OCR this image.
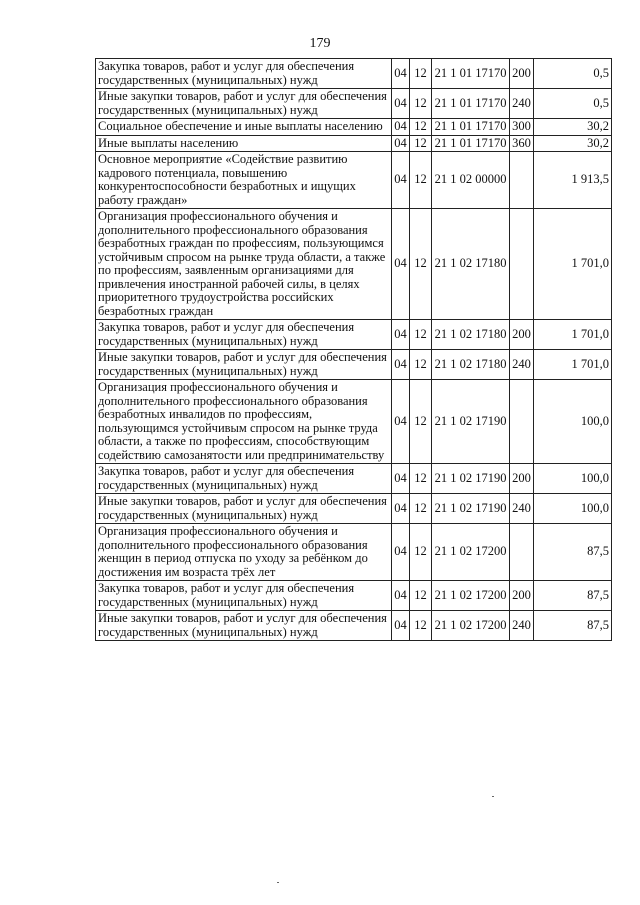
179
Закупка товаров, работ и услуг для обеспечения государственных (муниципальных) нужд	04	12	21 1 01 17170	200	0,5
Иные закупки товаров, работ и услуг для обеспечения государственных (муниципальных) нужд	04	12	21 1 01 17170	240	0,5
Социальное обеспечение и иные выплаты населению	04	12	21 1 01 17170	300	30,2
Иные выплаты населению	04	12	21 1 01 17170	360	30,2
Основное мероприятие «Содействие развитию кадрового потенциала, повышению конкурентоспособности безработных и ищущих работу граждан»	04	12	21 1 02 00000		1 913,5
Организация профессионального обучения и дополнительного профессионального образования безработных граждан по профессиям, пользующимся устойчивым спросом на рынке труда области, а также по профессиям, заявленным организациями для привлечения иностранной рабочей силы, в целях приоритетного трудоустройства российских безработных граждан	04	12	21 1 02 17180		1 701,0
Закупка товаров, работ и услуг для обеспечения государственных (муниципальных) нужд	04	12	21 1 02 17180	200	1 701,0
Иные закупки товаров, работ и услуг для обеспечения государственных (муниципальных) нужд	04	12	21 1 02 17180	240	1 701,0
Организация профессионального обучения и дополнительного профессионального образования безработных инвалидов по профессиям, пользующимся устойчивым спросом на рынке труда области, а также по профессиям, способствующим содействию самозанятости или предпринимательству	04	12	21 1 02 17190		100,0
Закупка товаров, работ и услуг для обеспечения государственных (муниципальных) нужд	04	12	21 1 02 17190	200	100,0
Иные закупки товаров, работ и услуг для обеспечения государственных (муниципальных) нужд	04	12	21 1 02 17190	240	100,0
Организация профессионального обучения и дополнительного профессионального образования женщин в период отпуска по уходу за ребёнком до достижения им возраста трёх лет	04	12	21 1 02 17200		87,5
Закупка товаров, работ и услуг для обеспечения государственных (муниципальных) нужд	04	12	21 1 02 17200	200	87,5
Иные закупки товаров, работ и услуг для обеспечения государственных (муниципальных) нужд	04	12	21 1 02 17200	240	87,5
